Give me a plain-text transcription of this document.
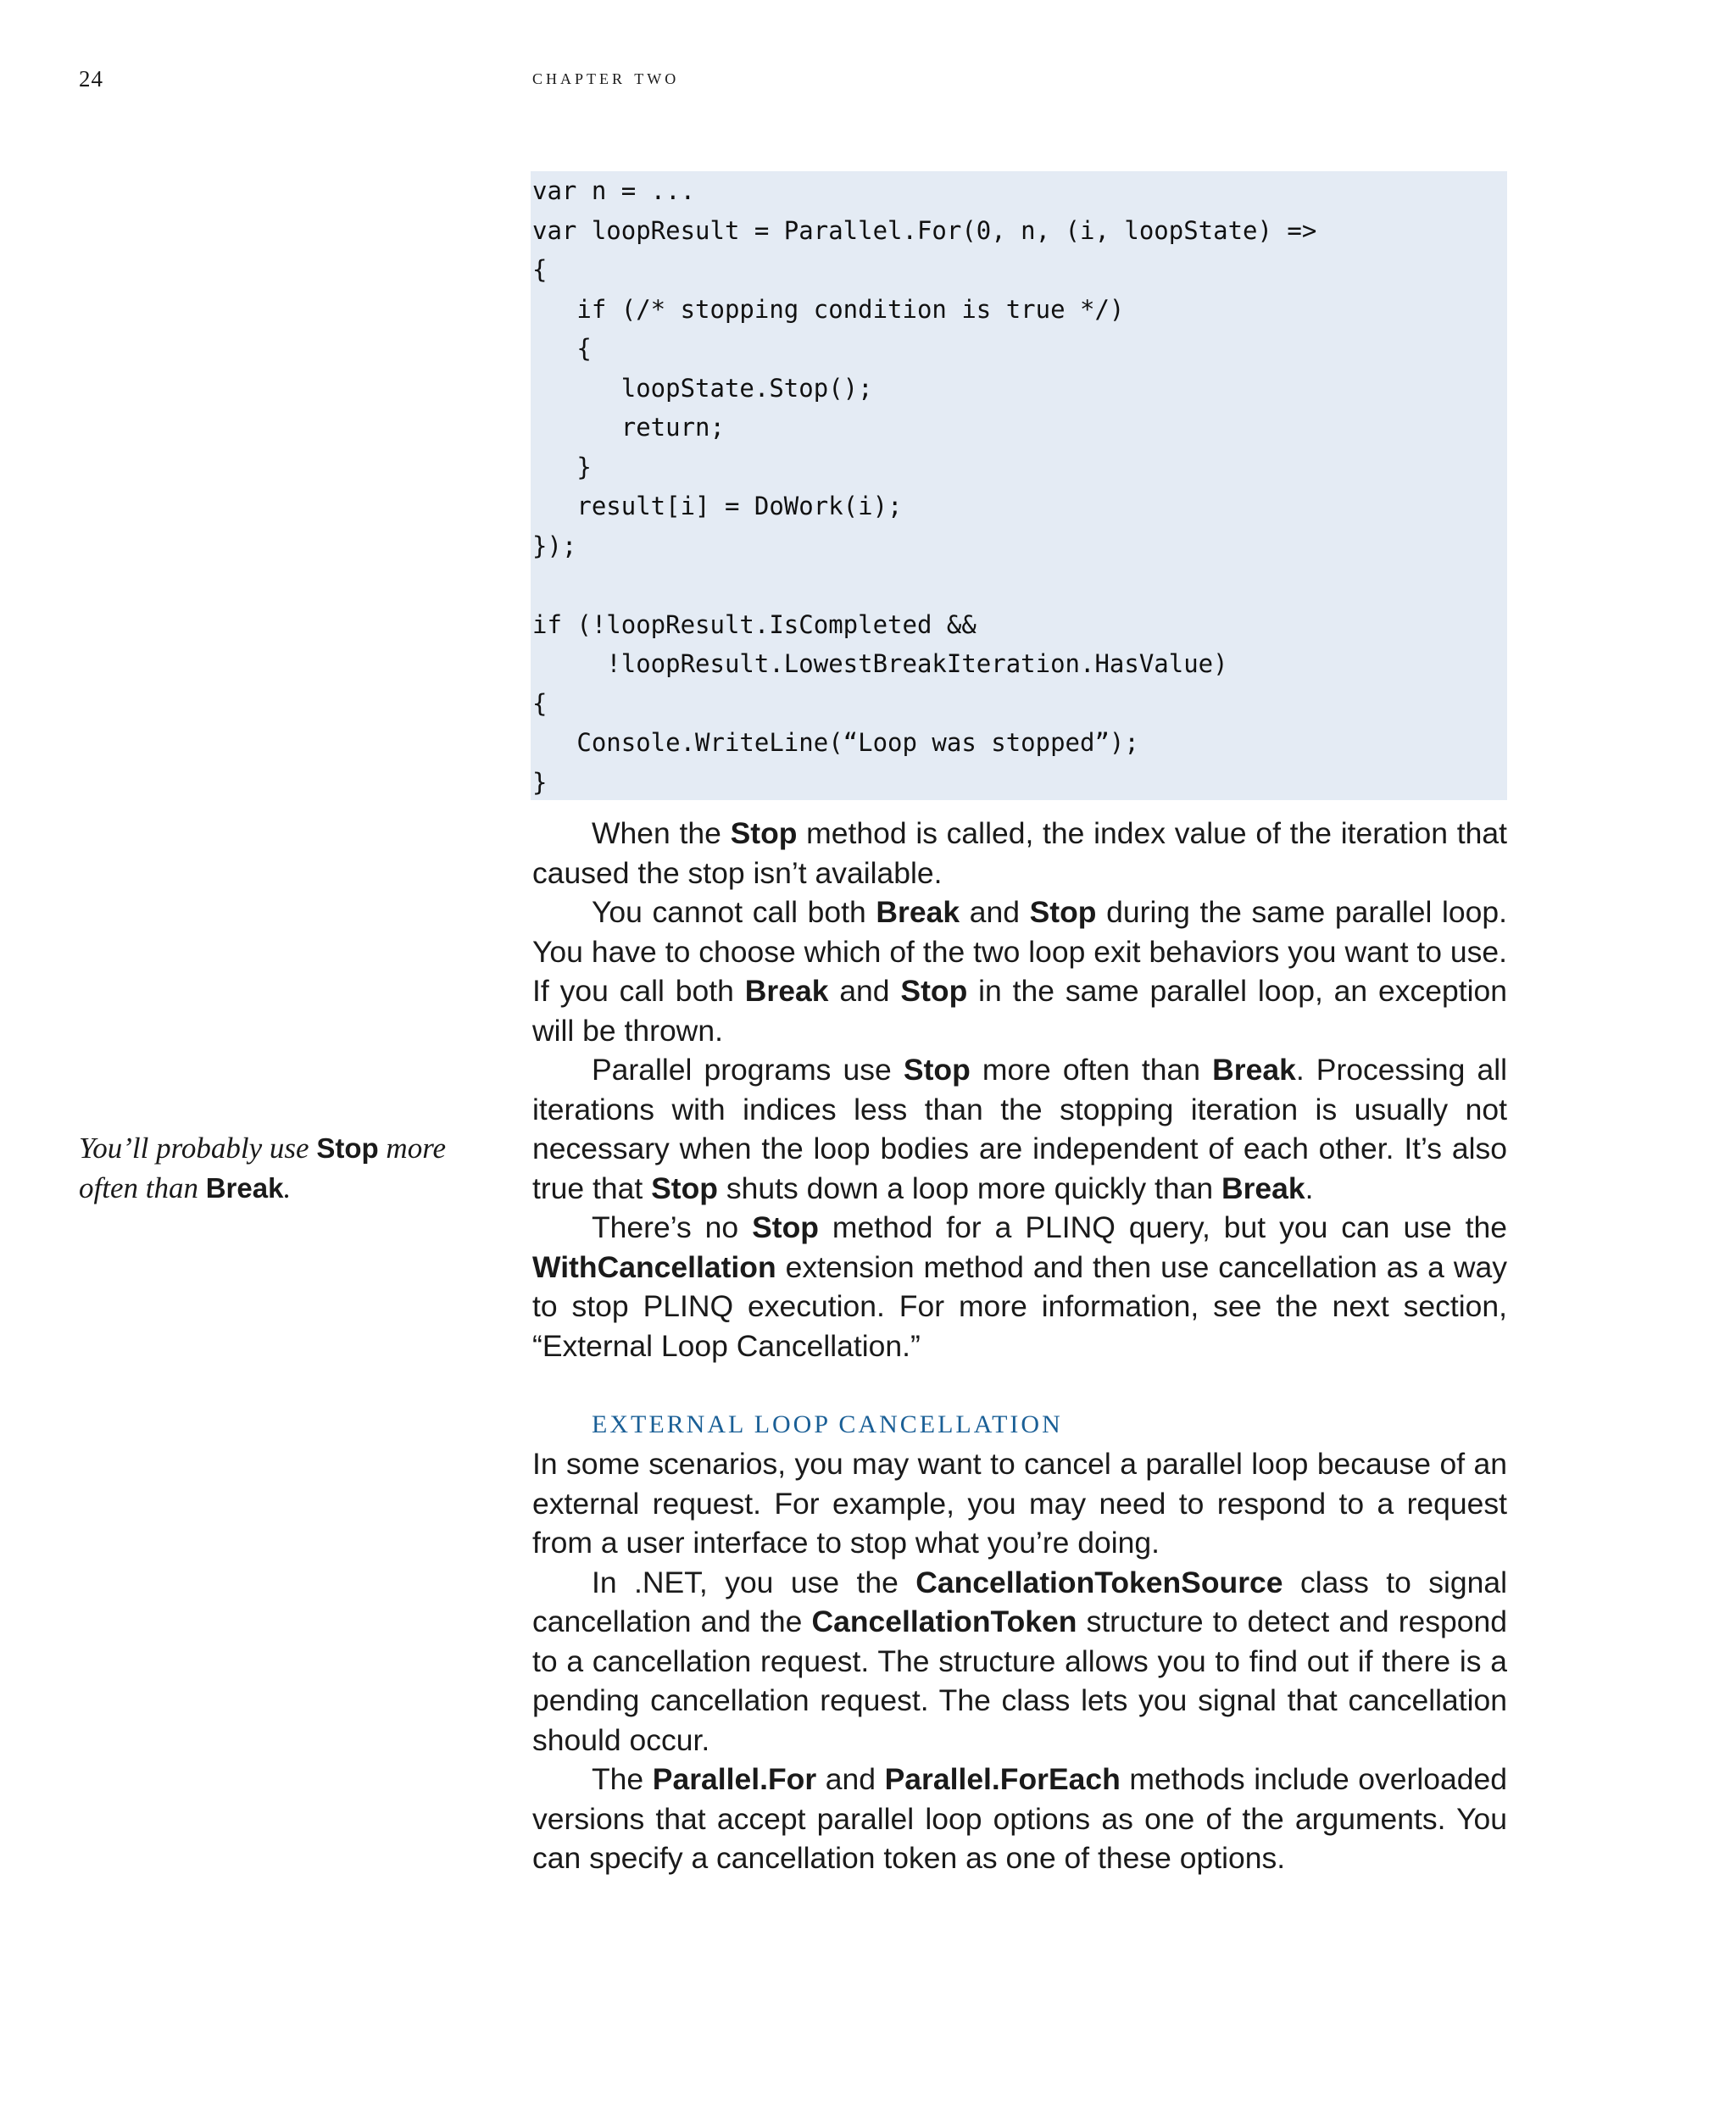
24	chapter two
var n = ...
var loopResult = Parallel.For(0, n, (i, loopState) =>
{
if (/* stopping condition is true */)
{
loopState.Stop();
return;
}
result[i] = DoWork(i);
});
if (!loopResult.IsCompleted &&
!loopResult.LowestBreakIteration.HasValue)
{
Console.WriteLine(“Loop was stopped”);
}
You’ll probably use Stop more often than Break.

When the Stop method is called, the index value of the iteration that caused the stop isn’t available.

You cannot call both Break and Stop during the same parallel loop. You have to choose which of the two loop exit behaviors you want to use. If you call both Break and Stop in the same parallel loop, an exception will be thrown.

Parallel programs use Stop more often than Break. Processing all iterations with indices less than the stopping iteration is usually not necessary when the loop bodies are independent of each other. It’s also true that Stop shuts down a loop more quickly than Break.

There’s no Stop method for a PLINQ query, but you can use the WithCancellation extension method and then use cancellation as a way to stop PLINQ execution. For more information, see the next section, “External Loop Cancellation.”

EXTERNAL LOOP CANCELLATION

In some scenarios, you may want to cancel a parallel loop because of an external request. For example, you may need to respond to a request from a user interface to stop what you’re doing.

In .NET, you use the CancellationTokenSource class to signal cancellation and the CancellationToken structure to detect and respond to a cancellation request. The structure allows you to find out if there is a pending cancellation request. The class lets you signal that cancellation should occur.

The Parallel.For and Parallel.ForEach methods include overloaded versions that accept parallel loop options as one of the arguments. You can specify a cancellation token as one of these options.
